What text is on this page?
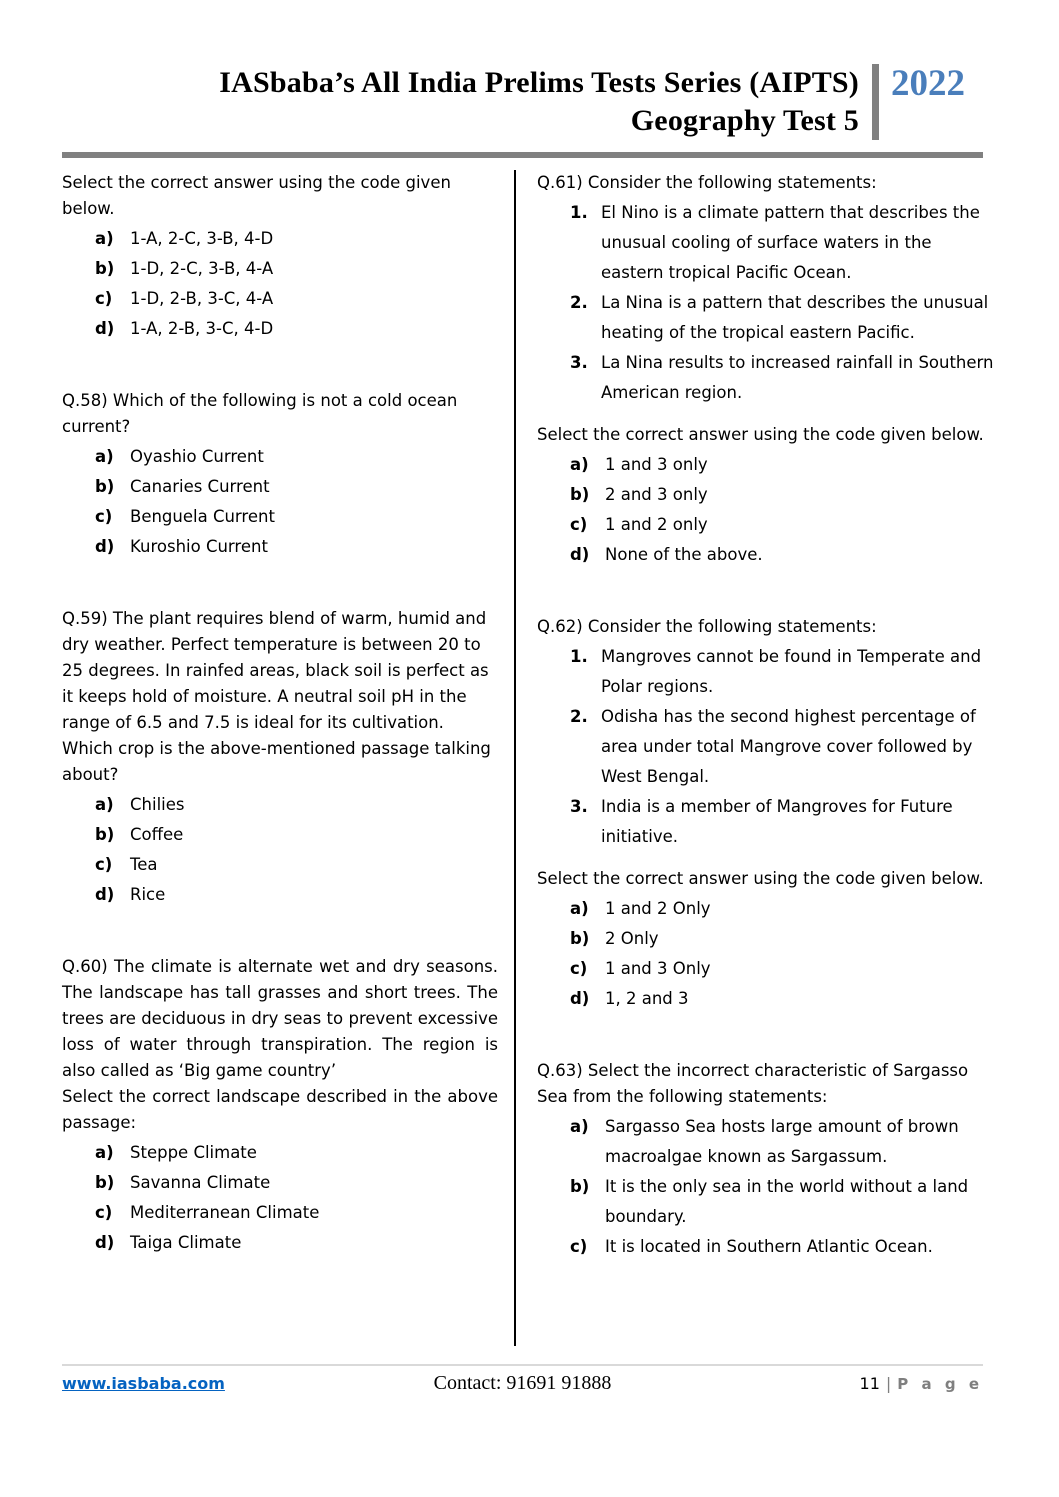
IASbaba’s All India Prelims Tests Series (AIPTS)
Geography Test 5
2022

Select the correct answer using the code given below.

a) 1-A, 2-C, 3-B, 4-D
b) 1-D, 2-C, 3-B, 4-A
c)	1-D, 2-B, 3-C, 4-A
d) 1-A, 2-B, 3-C, 4-D

Q.58) Which of the following is not a cold ocean current?

a) Oyashio Current
b) Canaries Current
c)	Benguela Current
d) Kuroshio Current

Q.59) The plant requires blend of warm, humid and dry weather. Perfect temperature is between 20 to 25 degrees. In rainfed areas, black soil is perfect as it keeps hold of moisture. A neutral soil pH in the range of 6.5 and 7.5 is ideal for its cultivation.

Which crop is the above-mentioned passage talking about?

a) Chilies
b) Coffee
c)	Tea
d) Rice

Q.60) The climate is alternate wet and dry seasons. The landscape has tall grasses and short trees. The trees are deciduous in dry seas to prevent excessive loss of water through transpiration. The region is also called as ‘Big game country’

Select the correct landscape described in the above passage:

a) Steppe Climate
b) Savanna Climate
c)	Mediterranean Climate
d) Taiga Climate

Q.61) Consider the following statements:

1. El Nino is a climate pattern that describes the unusual cooling of surface waters in the eastern tropical Pacific Ocean.
2. La Nina is a pattern that describes the unusual heating of the tropical eastern Pacific.
3. La Nina results to increased rainfall in Southern American region.

Select the correct answer using the code given below.

a) 1 and 3 only
b) 2 and 3 only
c)	1 and 2 only
d) None of the above.

Q.62) Consider the following statements:

1. Mangroves cannot be found in Temperate and Polar regions.
2. Odisha has the second highest percentage of area under total Mangrove cover followed by West Bengal.
3. India is a member of Mangroves for Future initiative.

Select the correct answer using the code given below.

a) 1 and 2 Only
b) 2 Only
c)	1 and 3 Only
d) 1, 2 and 3

Q.63) Select the incorrect characteristic of Sargasso Sea from the following statements:

a) Sargasso Sea hosts large amount of brown macroalgae known as Sargassum.
b) It is the only sea in the world without a land boundary.
c)	It is located in Southern Atlantic Ocean.
www.iasbaba.com	Contact: 91691 91888	11 | P a g e
